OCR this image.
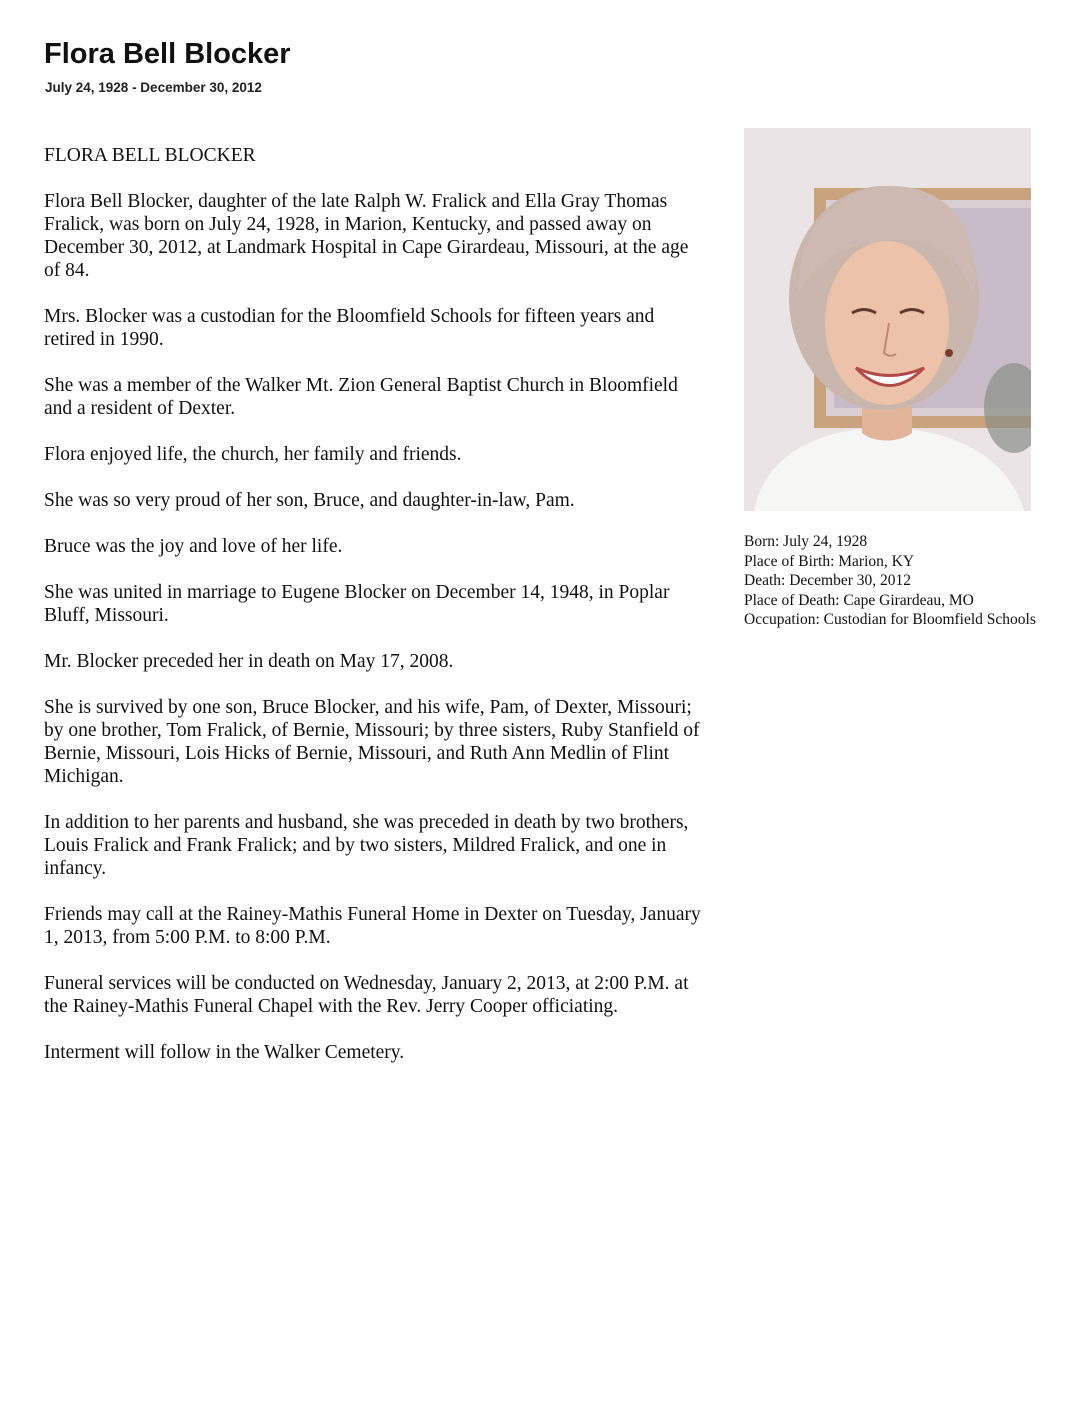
Flora Bell Blocker
July 24, 1928 - December 30, 2012

FLORA BELL BLOCKER

Flora Bell Blocker, daughter of the late Ralph W. Fralick and Ella Gray Thomas Fralick, was born on July 24, 1928, in Marion, Kentucky, and passed away on December 30, 2012, at Landmark Hospital in Cape Girardeau, Missouri, at the age of 84.

Mrs. Blocker was a custodian for the Bloomfield Schools for fifteen years and retired in 1990.

She was a member of the Walker Mt. Zion General Baptist Church in Bloomfield and a resident of Dexter.

Flora enjoyed life, the church, her family and friends.

She was so very proud of her son, Bruce, and daughter-in-law, Pam.

Bruce was the joy and love of her life.

She was united in marriage to Eugene Blocker on December 14, 1948, in Poplar Bluff, Missouri.

Mr. Blocker preceded her in death on May 17, 2008.

She is survived by one son, Bruce Blocker, and his wife, Pam, of Dexter, Missouri; by one brother, Tom Fralick, of Bernie, Missouri; by three sisters, Ruby Stanfield of Bernie, Missouri, Lois Hicks of Bernie, Missouri, and Ruth Ann Medlin of Flint Michigan.

In addition to her parents and husband, she was preceded in death by two brothers, Louis Fralick and Frank Fralick; and by two sisters, Mildred Fralick, and one in infancy.

Friends may call at the Rainey-Mathis Funeral Home in Dexter on Tuesday, January 1, 2013, from 5:00 P.M. to 8:00 P.M.

Funeral services will be conducted on Wednesday, January 2, 2013, at 2:00 P.M. at the Rainey-Mathis Funeral Chapel with the Rev. Jerry Cooper officiating.

Interment will follow in the Walker Cemetery.

Born: July 24, 1928
Place of Birth: Marion, KY
Death: December 30, 2012
Place of Death: Cape Girardeau, MO
Occupation: Custodian for Bloomfield Schools
